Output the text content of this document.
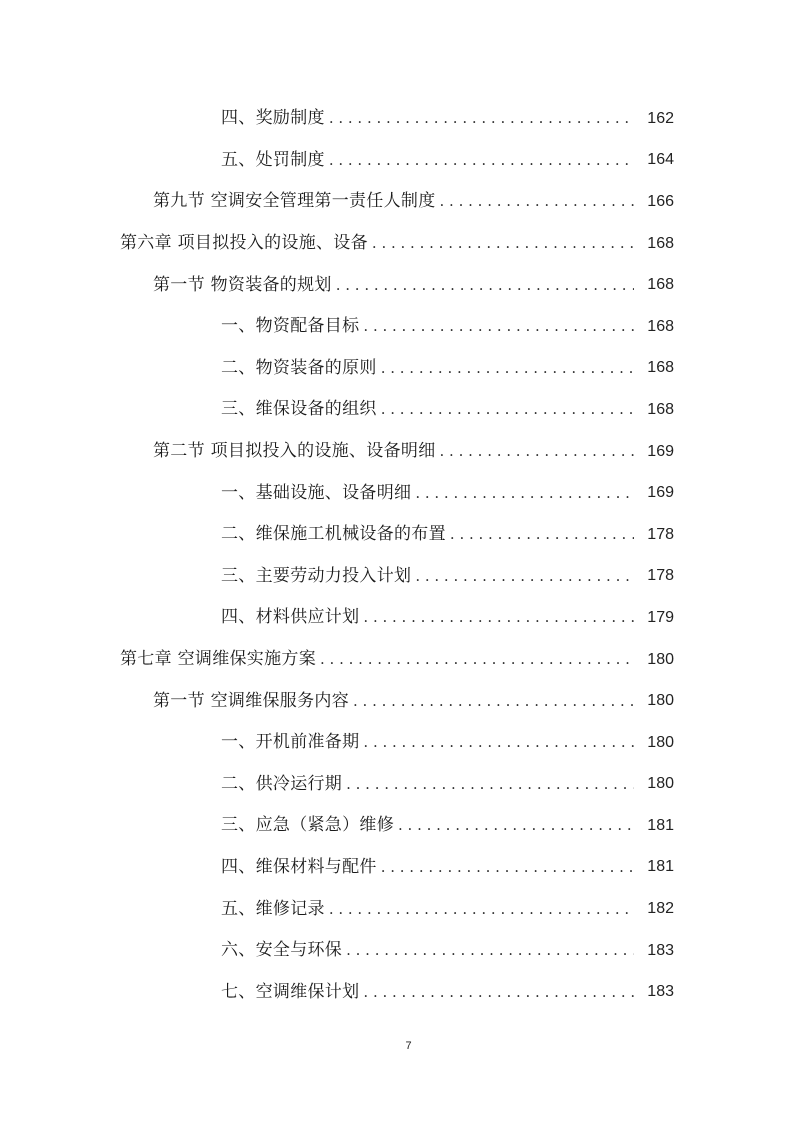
四、奖励制度 . . .	162
五、处罚制度 . . .	164
第九节 空调安全管理第一责任人制度 . . .	166
第六章 项目拟投入的设施、设备 . . .	168
第一节 物资装备的规划 . . .	168
一、物资配备目标 . . .	168
二、物资装备的原则 . . .	168
三、维保设备的组织 . . .	168
第二节 项目拟投入的设施、设备明细 . . .	169
一、基础设施、设备明细 . . .	169
二、维保施工机械设备的布置 . . .	178
三、主要劳动力投入计划 . . .	178
四、材料供应计划 . . .	179
第七章 空调维保实施方案 . . .	180
第一节 空调维保服务内容 . . .	180
一、开机前准备期 . . .	180
二、供冷运行期 . . .	180
三、应急（紧急）维修 . . .	181
四、维保材料与配件 . . .	181
五、维修记录 . . .	182
六、安全与环保 . . .	183
七、空调维保计划 . . .	183
7
